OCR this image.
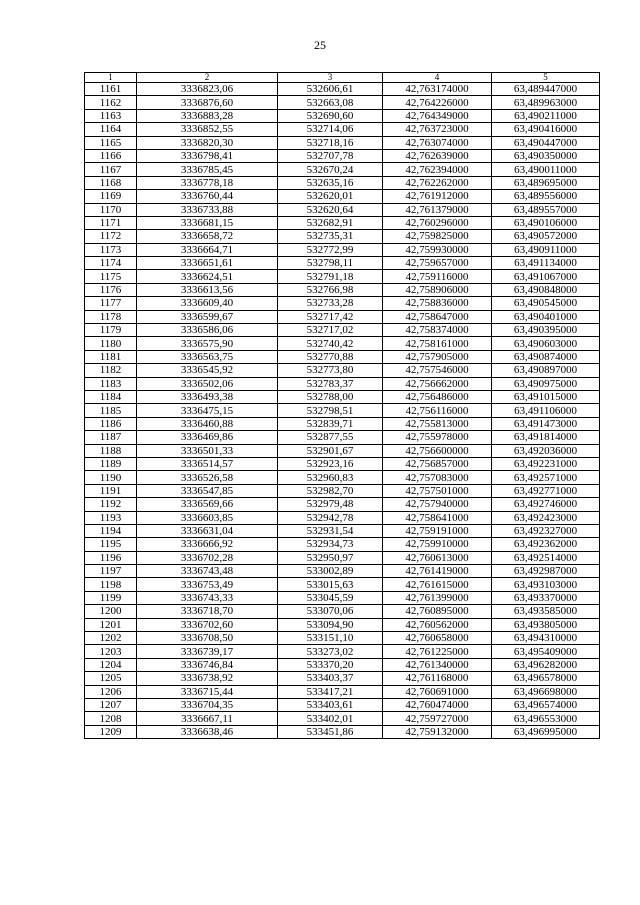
25
1	2	3	4	5
1161	3336823,06	532606,61	42,763174000	63,489447000
1162	3336876,60	532663,08	42,764226000	63,489963000
1163	3336883,28	532690,60	42,764349000	63,490211000
1164	3336852,55	532714,06	42,763723000	63,490416000
1165	3336820,30	532718,16	42,763074000	63,490447000
1166	3336798,41	532707,78	42,762639000	63,490350000
1167	3336785,45	532670,24	42,762394000	63,490011000
1168	3336778,18	532635,16	42,762262000	63,489695000
1169	3336760,44	532620,01	42,761912000	63,489556000
1170	3336733,88	532620,64	42,761379000	63,489557000
1171	3336681,15	532682,91	42,760296000	63,490106000
1172	3336658,72	532735,31	42,759825000	63,490572000
1173	3336664,71	532772,99	42,759930000	63,490911000
1174	3336651,61	532798,11	42,759657000	63,491134000
1175	3336624,51	532791,18	42,759116000	63,491067000
1176	3336613,56	532766,98	42,758906000	63,490848000
1177	3336609,40	532733,28	42,758836000	63,490545000
1178	3336599,67	532717,42	42,758647000	63,490401000
1179	3336586,06	532717,02	42,758374000	63,490395000
1180	3336575,90	532740,42	42,758161000	63,490603000
1181	3336563,75	532770,88	42,757905000	63,490874000
1182	3336545,92	532773,80	42,757546000	63,490897000
1183	3336502,06	532783,37	42,756662000	63,490975000
1184	3336493,38	532788,00	42,756486000	63,491015000
1185	3336475,15	532798,51	42,756116000	63,491106000
1186	3336460,88	532839,71	42,755813000	63,491473000
1187	3336469,86	532877,55	42,755978000	63,491814000
1188	3336501,33	532901,67	42,756600000	63,492036000
1189	3336514,57	532923,16	42,756857000	63,492231000
1190	3336526,58	532960,83	42,757083000	63,492571000
1191	3336547,85	532982,70	42,757501000	63,492771000
1192	3336569,66	532979,48	42,757940000	63,492746000
1193	3336603,85	532942,78	42,758641000	63,492423000
1194	3336631,04	532931,54	42,759191000	63,492327000
1195	3336666,92	532934,73	42,759910000	63,492362000
1196	3336702,28	532950,97	42,760613000	63,492514000
1197	3336743,48	533002,89	42,761419000	63,492987000
1198	3336753,49	533015,63	42,761615000	63,493103000
1199	3336743,33	533045,59	42,761399000	63,493370000
1200	3336718,70	533070,06	42,760895000	63,493585000
1201	3336702,60	533094,90	42,760562000	63,493805000
1202	3336708,50	533151,10	42,760658000	63,494310000
1203	3336739,17	533273,02	42,761225000	63,495409000
1204	3336746,84	533370,20	42,761340000	63,496282000
1205	3336738,92	533403,37	42,761168000	63,496578000
1206	3336715,44	533417,21	42,760691000	63,496698000
1207	3336704,35	533403,61	42,760474000	63,496574000
1208	3336667,11	533402,01	42,759727000	63,496553000
1209	3336638,46	533451,86	42,759132000	63,496995000
